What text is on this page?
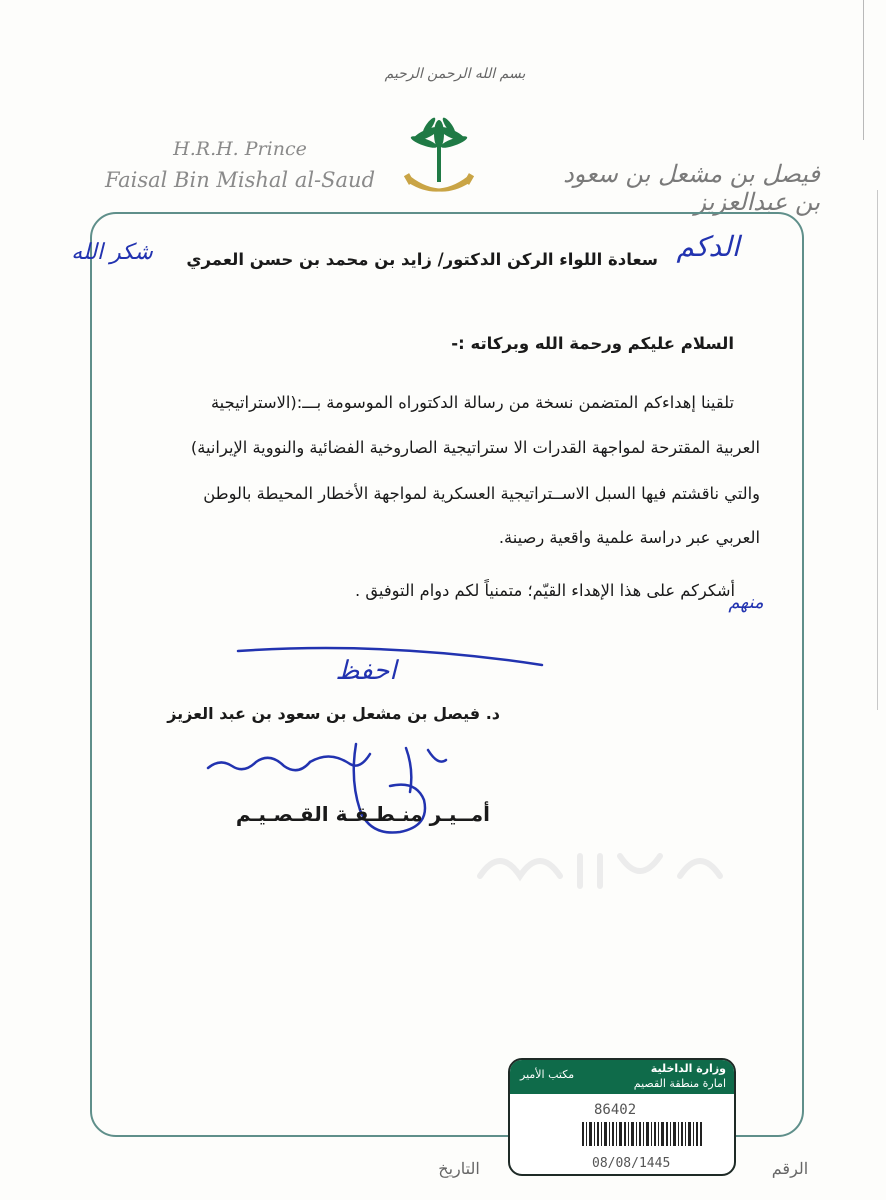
بسم الله الرحمن الرحيم
H.R.H. Prince
Faisal Bin Mishal al-Saud	فيصل بن مشعل بن سعود بن عبدالعزيز
الدكم
شكر الله	سعادة اللواء الركن الدكتور/ زايد بن محمد بن حسن العمري
السلام عليكم ورحمة الله وبركاته :-
تلقينا إهداءكم المتضمن نسخة من رسالة الدكتوراه الموسومة بـــ:(الاستراتيجية
العربية المقترحة لمواجهة القدرات الا ستراتيجية الصاروخية الفضائية والنووية الإيرانية)
والتي ناقشتم فيها السبل الاســتراتيجية العسكرية لمواجهة الأخطار المحيطة بالوطن
العربي عبر دراسة علمية واقعية رصينة.
أشكركم على هذا الإهداء القيّم؛ متمنياً لكم دوام التوفيق .
منهم
احفظ
د. فيصل بن مشعل بن سعود بن عبد العزيز
أمــيـر منـطـقـة القـصـيـم
وزارة الداخلية
امارة منطقة القصيم
مكتب الأمير
86402
08/08/1445
التاريخ	الرقم
